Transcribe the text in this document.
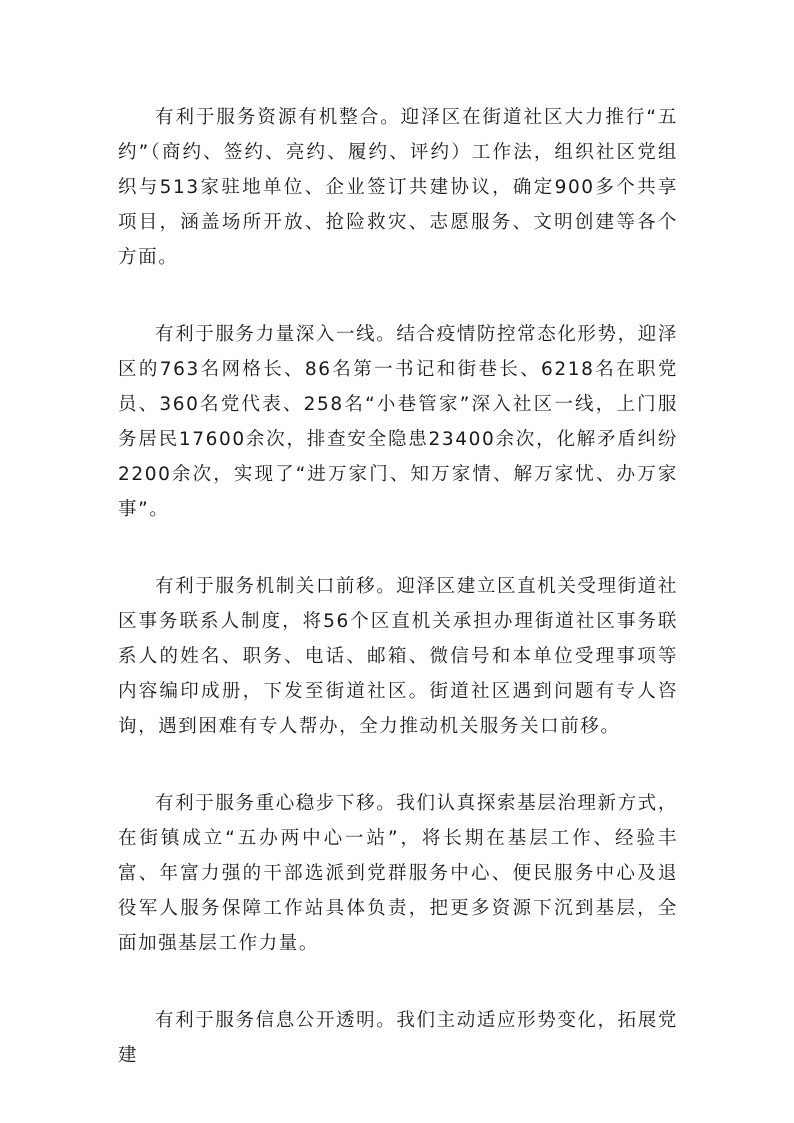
有利于服务资源有机整合。迎泽区在街道社区大力推行“五约”（商约、签约、亮约、履约、评约）工作法，组织社区党组织与513家驻地单位、企业签订共建协议，确定900多个共享项目，涵盖场所开放、抢险救灾、志愿服务、文明创建等各个方面。

有利于服务力量深入一线。结合疫情防控常态化形势，迎泽区的763名网格长、86名第一书记和街巷长、6218名在职党员、360名党代表、258名“小巷管家”深入社区一线，上门服务居民17600余次，排查安全隐患23400余次，化解矛盾纠纷2200余次，实现了“进万家门、知万家情、解万家忧、办万家事”。

有利于服务机制关口前移。迎泽区建立区直机关受理街道社区事务联系人制度，将56个区直机关承担办理街道社区事务联系人的姓名、职务、电话、邮箱、微信号和本单位受理事项等内容编印成册，下发至街道社区。街道社区遇到问题有专人咨询，遇到困难有专人帮办，全力推动机关服务关口前移。

有利于服务重心稳步下移。我们认真探索基层治理新方式，在街镇成立“五办两中心一站”，将长期在基层工作、经验丰富、年富力强的干部选派到党群服务中心、便民服务中心及退役军人服务保障工作站具体负责，把更多资源下沉到基层，全面加强基层工作力量。

有利于服务信息公开透明。我们主动适应形势变化，拓展党建
